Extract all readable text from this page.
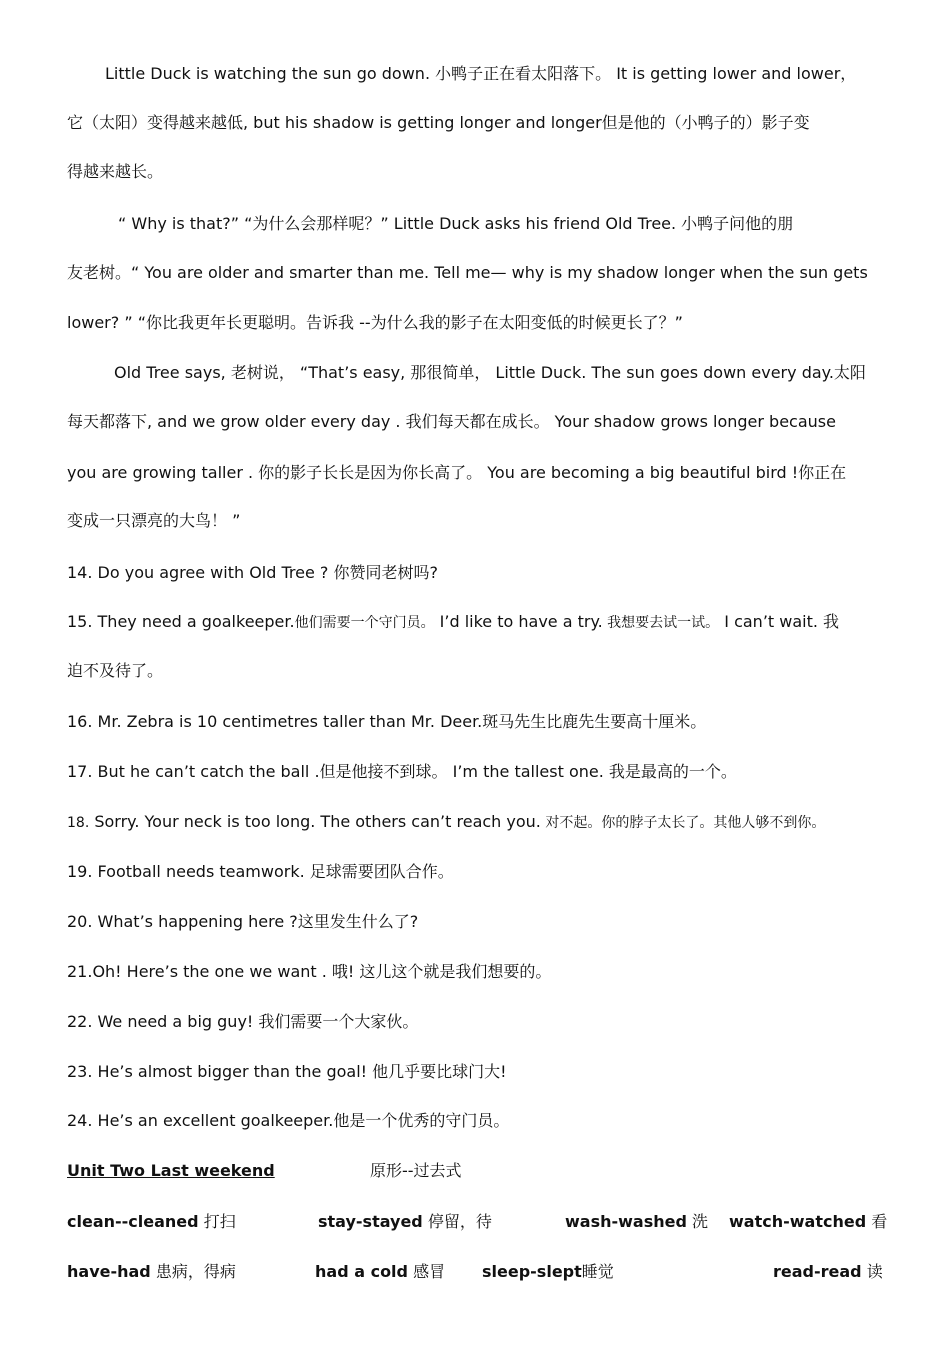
Little Duck is watching the sun go down. 小鸭子正在看太阳落下。 It is getting lower and lower，
它（太阳）变得越来越低, but his shadow is getting longer and longer但是他的（小鸭子的）影子变
得越来越长。
“ Why is that?” “为什么会那样呢？” Little Duck asks his friend Old Tree. 小鸭子问他的朋
友老树。“ You are older and smarter than me. Tell me— why is my shadow longer when the sun gets
lower? ” “你比我更年长更聪明。告诉我 --为什么我的影子在太阳变低的时候更长了？”
Old Tree says, 老树说， “That’s easy, 那很简单， Little Duck. The sun goes down every day.太阳
每天都落下, and we grow older every day . 我们每天都在成长。 Your shadow grows longer because
you are growing taller . 你的影子长长是因为你长高了。 You are becoming a big beautiful bird !你正在
变成一只漂亮的大鸟！ ”
14. Do you agree with Old Tree ? 你赞同老树吗?
15. They need a goalkeeper.他们需要一个守门员。 I’d like to have a try. 我想要去试一试。 I can’t wait. 我
迫不及待了。
16. Mr. Zebra is 10 centimetres taller than Mr. Deer.斑马先生比鹿先生要高十厘米。
17. But he can’t catch the ball .但是他接不到球。 I’m the tallest one. 我是最高的一个。
18. Sorry. Your neck is too long. The others can’t reach you. 对不起。你的脖子太长了。其他人够不到你。
19. Football needs teamwork. 足球需要团队合作。
20. What’s happening here ?这里发生什么了?
21.Oh! Here’s the one we want . 哦! 这儿这个就是我们想要的。
22. We need a big guy! 我们需要一个大家伙。
23. He’s almost bigger than the goal! 他几乎要比球门大!
24. He’s an excellent goalkeeper.他是一个优秀的守门员。
Unit Two Last weekend	原形--过去式
clean--cleaned 打扫	stay-stayed 停留，待	wash-washed 洗 watch-watched 看
have-had 患病，得病	had a cold 感冒 sleep-slept睡觉	read-read 读
